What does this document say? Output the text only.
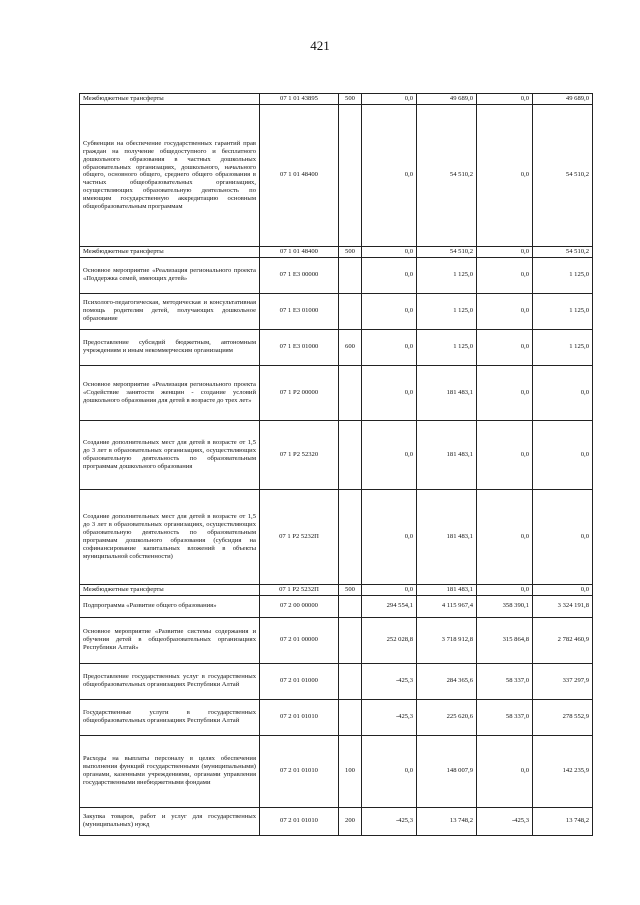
421
Межбюджетные трансферты	07 1 01 43895	500	0,0	49 689,0	0,0	49 689,0
Субвенции на обеспечение государственных гарантий прав граждан на получение общедоступного и бесплатного дошкольного образования в частных дошкольных образовательных организациях, дошкольного, начального общего, основного общего, среднего общего образования в частных общеобразовательных организациях, осуществляющих образовательную деятельность по имеющим государственную аккредитацию основным общеобразовательным программам	07 1 01 48400		0,0	54 510,2	0,0	54 510,2
Межбюджетные трансферты	07 1 01 48400	500	0,0	54 510,2	0,0	54 510,2
Основное мероприятие «Реализация регионального проекта «Поддержка семей, имеющих детей»	07 1 Е3 00000		0,0	1 125,0	0,0	1 125,0
Психолого-педагогическая, методическая и консультативная помощь родителям детей, получающих дошкольное образование	07 1 Е3 01000		0,0	1 125,0	0,0	1 125,0
Предоставление субсидий бюджетным, автономным учреждениям и иным некоммерческим организациям	07 1 Е3 01000	600	0,0	1 125,0	0,0	1 125,0
Основное мероприятие «Реализация регионального проекта «Содействие занятости женщин - создание условий дошкольного образования для детей в возрасте до трех лет»	07 1 Р2 00000		0,0	181 483,1	0,0	0,0
Создание дополнительных мест для детей в возрасте от 1,5 до 3 лет в образовательных организациях, осуществляющих образовательную деятельность по образовательным программам дошкольного образования	07 1 Р2 52320		0,0	181 483,1	0,0	0,0
Создание дополнительных мест для детей в возрасте от 1,5 до 3 лет в образовательных организациях, осуществляющих образовательную деятельность по образовательным программам дошкольного образования (субсидия на софинансирование капитальных вложений в объекты муниципальной собственности)	07 1 Р2 5232П		0,0	181 483,1	0,0	0,0
Межбюджетные трансферты	07 1 Р2 5232П	500	0,0	181 483,1	0,0	0,0
Подпрограмма «Развитие общего образования»	07 2 00 00000		294 554,1	4 115 967,4	358 390,1	3 324 191,8
Основное мероприятие «Развитие системы содержания и обучения детей в общеобразовательных организациях Республики Алтай»	07 2 01 00000		252 028,8	3 718 912,8	315 864,8	2 782 460,9
Предоставление государственных услуг в государственных общеобразовательных организациях Республики Алтай	07 2 01 01000		-425,3	284 365,6	58 337,0	337 297,9
Государственные услуги в государственных общеобразовательных организациях Республики Алтай	07 2 01 01010		-425,3	225 620,6	58 337,0	278 552,9
Расходы на выплаты персоналу в целях обеспечения выполнения функций государственными (муниципальными) органами, казенными учреждениями, органами управления государственными внебюджетными фондами	07 2 01 01010	100	0,0	148 007,9	0,0	142 235,9
Закупка товаров, работ и услуг для государственных (муниципальных) нужд	07 2 01 01010	200	-425,3	13 748,2	-425,3	13 748,2
